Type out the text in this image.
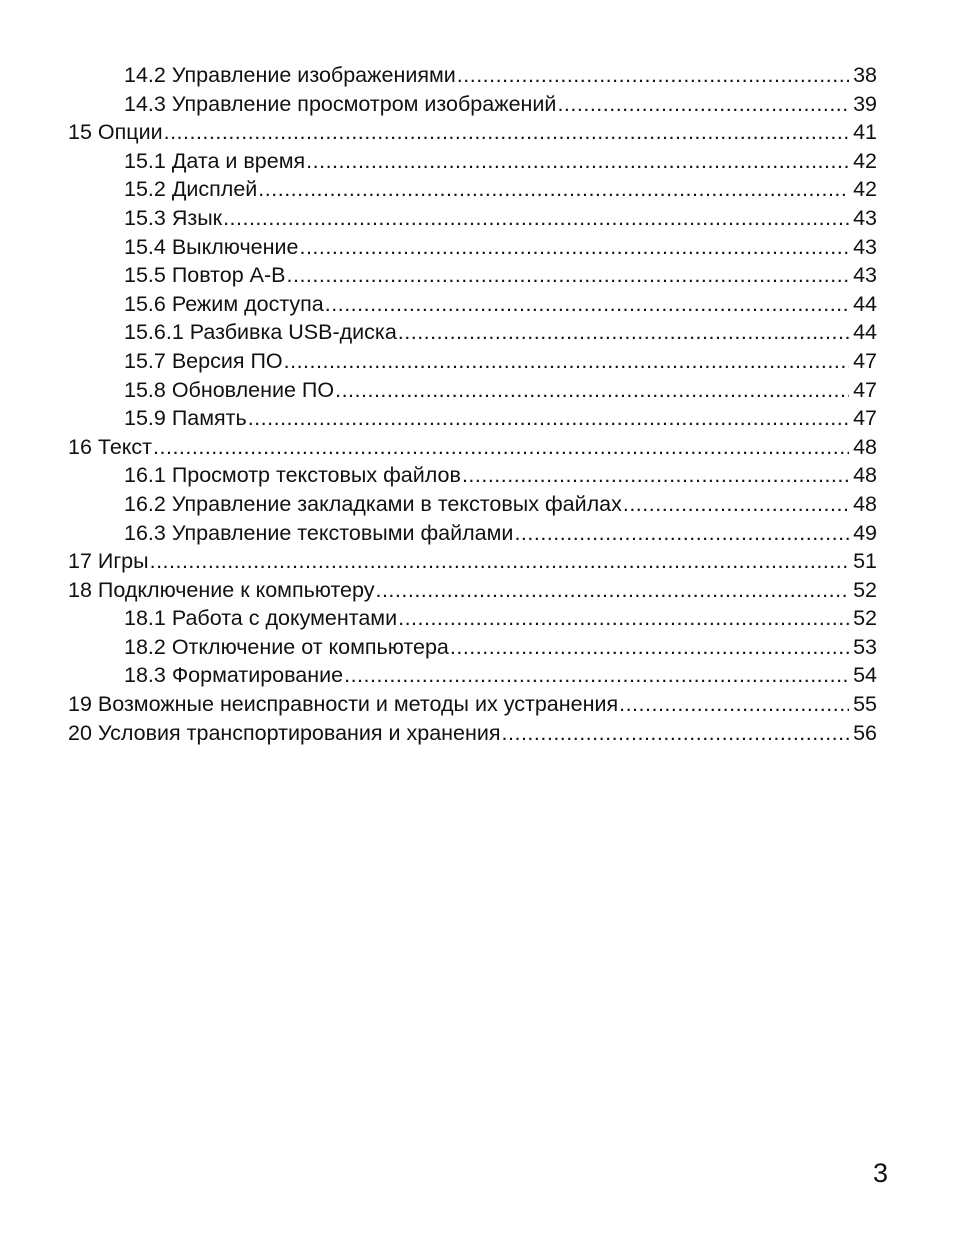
14.2 Управление изображениями .....	38
14.3 Управление просмотром изображений .....	39
15 Опции .....	41
15.1 Дата и время .....	42
15.2 Дисплей .....	42
15.3 Язык .....	43
15.4 Выключение .....	43
15.5 Повтор А-В .....	43
15.6 Режим доступа .....	44
15.6.1 Разбивка USB-диска .....	44
15.7 Версия ПО .....	47
15.8 Обновление ПО .....	47
15.9 Память .....	47
16 Текст .....	48
16.1 Просмотр текстовых файлов .....	48
16.2 Управление закладками в текстовых файлах .....	48
16.3 Управление текстовыми файлами .....	49
17 Игры .....	51
18 Подключение к компьютеру .....	52
18.1 Работа с документами .....	52
18.2 Отключение от компьютера .....	53
18.3 Форматирование .....	54
19 Возможные неисправности и методы их устранения .....	55
20 Условия транспортирования и хранения .....	56
3
